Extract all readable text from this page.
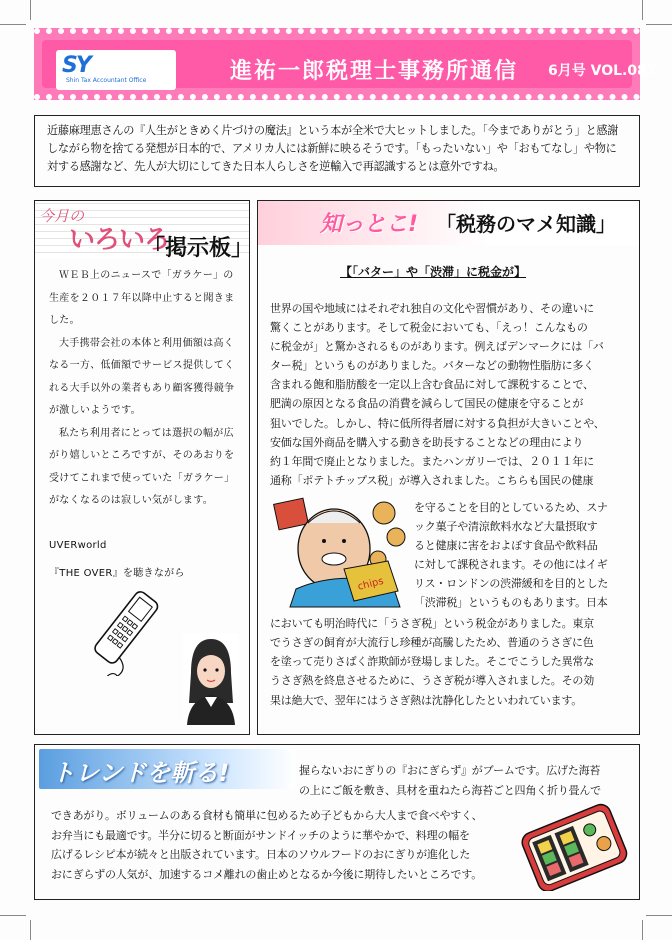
SY
Shin Tax Accountant Office	進祐一郎税理士事務所通信 6月号 VOL.087

近藤麻理恵さんの『人生がときめく片づけの魔法』という本が全米で大ヒットしました。「今までありがとう」と感謝しながら物を捨てる発想が日本的で、アメリカ人には新鮮に映るそうです。「もったいない」や「おもてなし」や物に対する感謝など、先人が大切にしてきた日本人らしさを逆輸入で再認識するとは意外ですね。

今月の
いろいろ
「掲示板」

ＷＥＢ上のニュースで「ガラケー」の生産を２０１７年以降中止すると聞きました。

大手携帯会社の本体と利用価額は高くなる一方、低価額でサービス提供してくれる大手以外の業者もあり顧客獲得競争が激しいようです。

私たち利用者にとっては選択の幅が広がり嬉しいところですが、そのあおりを受けてこれまで使っていた「ガラケー」がなくなるのは寂しい気がします。

UVERworld

『THE OVER』を聴きながら

知っとこ! 「税務のマメ知識」
【「バター」や「渋滞」に税金が】
世界の国や地域にはそれぞれ独自の文化や習慣があり、その違いに
驚くことがあります。そして税金においても、「えっ！こんなもの
に税金が」と驚かされるものがあります。例えばデンマークには「バ
ター税」というものがありました。バターなどの動物性脂肪に多く
含まれる飽和脂肪酸を一定以上含む食品に対して課税することで、
肥満の原因となる食品の消費を減らして国民の健康を守ることが
狙いでした。しかし、特に低所得者層に対する負担が大きいことや、
安価な国外商品を購入する動きを助長することなどの理由により
約１年間で廃止となりました。またハンガリーでは、２０１１年に
通称「ポテトチップス税」が導入されました。こちらも国民の健康
を守ることを目的としているため、スナ
ック菓子や清涼飲料水など大量摂取す
ると健康に害をおよぼす食品や飲料品
に対して課税されます。その他にはイギ
リス・ロンドンの渋滞緩和を目的とした
「渋滞税」というものもあります。日本
においても明治時代に「うさぎ税」という税金がありました。東京
でうさぎの飼育が大流行し珍種が高騰したため、普通のうさぎに色
を塗って売りさばく詐欺師が登場しました。そこでこうした異常な
うさぎ熱を終息させるために、うさぎ税が導入されました。その効
果は絶大で、翌年にはうさぎ熱は沈静化したといわれています。
chips
トレンドを斬る!	握らないおにぎりの『おにぎらず』がブームです。広げた海苔
の上にご飯を敷き、具材を重ねたら海苔ごと四角く折り畳んで
できあがり。ボリュームのある食材も簡単に包めるため子どもから大人まで食べやすく、
お弁当にも最適です。半分に切ると断面がサンドイッチのように華やかで、料理の幅を
広げるレシピ本が続々と出版されています。日本のソウルフードのおにぎりが進化した
おにぎらずの人気が、加速するコメ離れの歯止めとなるか今後に期待したいところです。
